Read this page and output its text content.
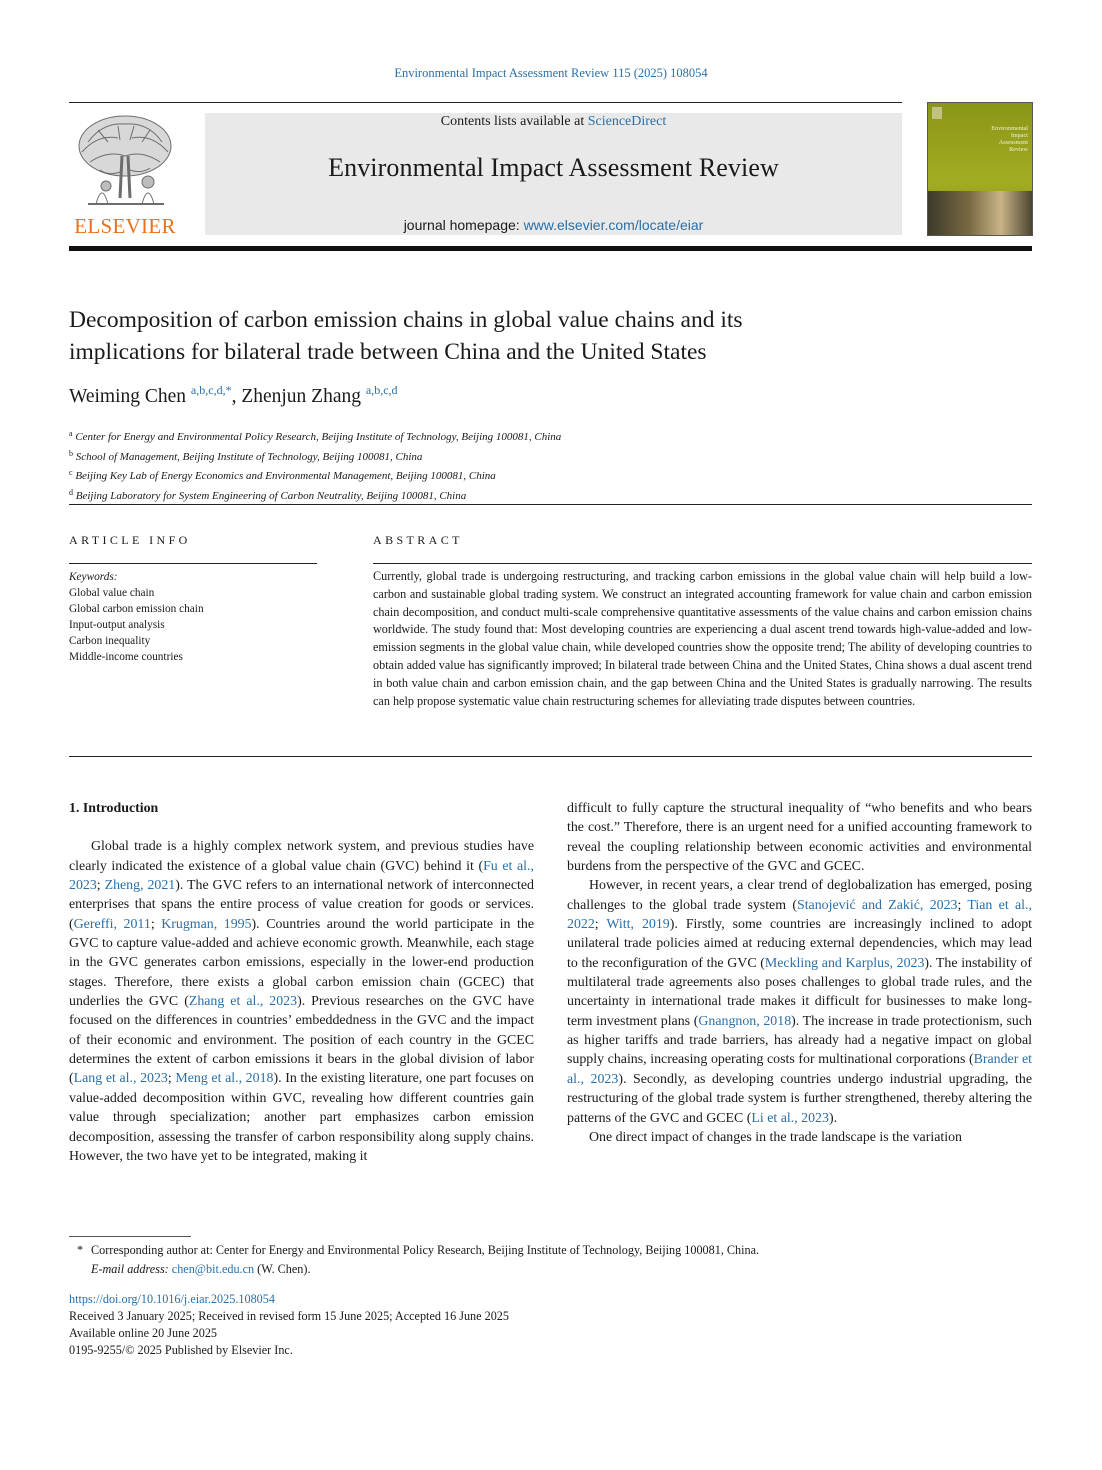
Environmental Impact Assessment Review 115 (2025) 108054
ELSEVIER
Contents lists available at ScienceDirect
Environmental Impact Assessment Review
journal homepage: www.elsevier.com/locate/eiar
Environmental
Impact
Assessment
Review
Decomposition of carbon emission chains in global value chains and its
implications for bilateral trade between China and the United States
Weiming Chen $^{a,b,c,d,*}$, Zhenjun Zhang $^{a,b,c,d}$
$^a$ Center for Energy and Environmental Policy Research, Beijing Institute of Technology, Beijing 100081, China
$^b$ School of Management, Beijing Institute of Technology, Beijing 100081, China
$^c$ Beijing Key Lab of Energy Economics and Environmental Management, Beijing 100081, China
$^d$ Beijing Laboratory for System Engineering of Carbon Neutrality, Beijing 100081, China
ARTICLE INFO	ABSTRACT
Keywords:
Global value chain
Global carbon emission chain
Input-output analysis
Carbon inequality
Middle-income countries
Currently, global trade is undergoing restructuring, and tracking carbon emissions in the global value chain will help build a low-carbon and sustainable global trading system. We construct an integrated accounting framework for value chain and carbon emission chain decomposition, and conduct multi-scale comprehensive quantitative assessments of the value chains and carbon emission chains worldwide. The study found that: Most developing countries are experiencing a dual ascent trend towards high-value-added and low-emission segments in the global value chain, while developed countries show the opposite trend; The ability of developing countries to obtain added value has significantly improved; In bilateral trade between China and the United States, China shows a dual ascent trend in both value chain and carbon emission chain, and the gap between China and the United States is gradually narrowing. The results can help propose systematic value chain restructuring schemes for alleviating trade disputes between countries.

1. Introduction

Global trade is a highly complex network system, and previous studies have clearly indicated the existence of a global value chain (GVC) behind it (Fu et al., 2023; Zheng, 2021). The GVC refers to an international network of interconnected enterprises that spans the entire process of value creation for goods or services. (Gereffi, 2011; Krugman, 1995). Countries around the world participate in the GVC to capture value-added and achieve economic growth. Meanwhile, each stage in the GVC generates carbon emissions, especially in the lower-end production stages. Therefore, there exists a global carbon emission chain (GCEC) that underlies the GVC (Zhang et al., 2023). Previous researches on the GVC have focused on the differences in countries’ embeddedness in the GVC and the impact of their economic and environment. The position of each country in the GCEC determines the extent of carbon emissions it bears in the global division of labor (Lang et al., 2023; Meng et al., 2018). In the existing literature, one part focuses on value-added decomposition within GVC, revealing how different countries gain value through specialization; another part emphasizes carbon emission decomposition, assessing the transfer of carbon responsibility along supply chains. However, the two have yet to be integrated, making it

difficult to fully capture the structural inequality of “who benefits and who bears the cost.” Therefore, there is an urgent need for a unified accounting framework to reveal the coupling relationship between economic activities and environmental burdens from the perspective of the GVC and GCEC.

However, in recent years, a clear trend of deglobalization has emerged, posing challenges to the global trade system (Stanojević and Zakić, 2023; Tian et al., 2022; Witt, 2019). Firstly, some countries are increasingly inclined to adopt unilateral trade policies aimed at reducing external dependencies, which may lead to the reconfiguration of the GVC (Meckling and Karplus, 2023). The instability of multilateral trade agreements also poses challenges to global trade rules, and the uncertainty in international trade makes it difficult for businesses to make long-term investment plans (Gnangnon, 2018). The increase in trade protectionism, such as higher tariffs and trade barriers, has already had a negative impact on global supply chains, increasing operating costs for multinational corporations (Brander et al., 2023). Secondly, as developing countries undergo industrial upgrading, the restructuring of the global trade system is further strengthened, thereby altering the patterns of the GVC and GCEC (Li et al., 2023).

One direct impact of changes in the trade landscape is the variation

* Corresponding author at: Center for Energy and Environmental Policy Research, Beijing Institute of Technology, Beijing 100081, China.
E-mail address: chen@bit.edu.cn (W. Chen).
https://doi.org/10.1016/j.eiar.2025.108054
Received 3 January 2025; Received in revised form 15 June 2025; Accepted 16 June 2025
Available online 20 June 2025
0195-9255/© 2025 Published by Elsevier Inc.
